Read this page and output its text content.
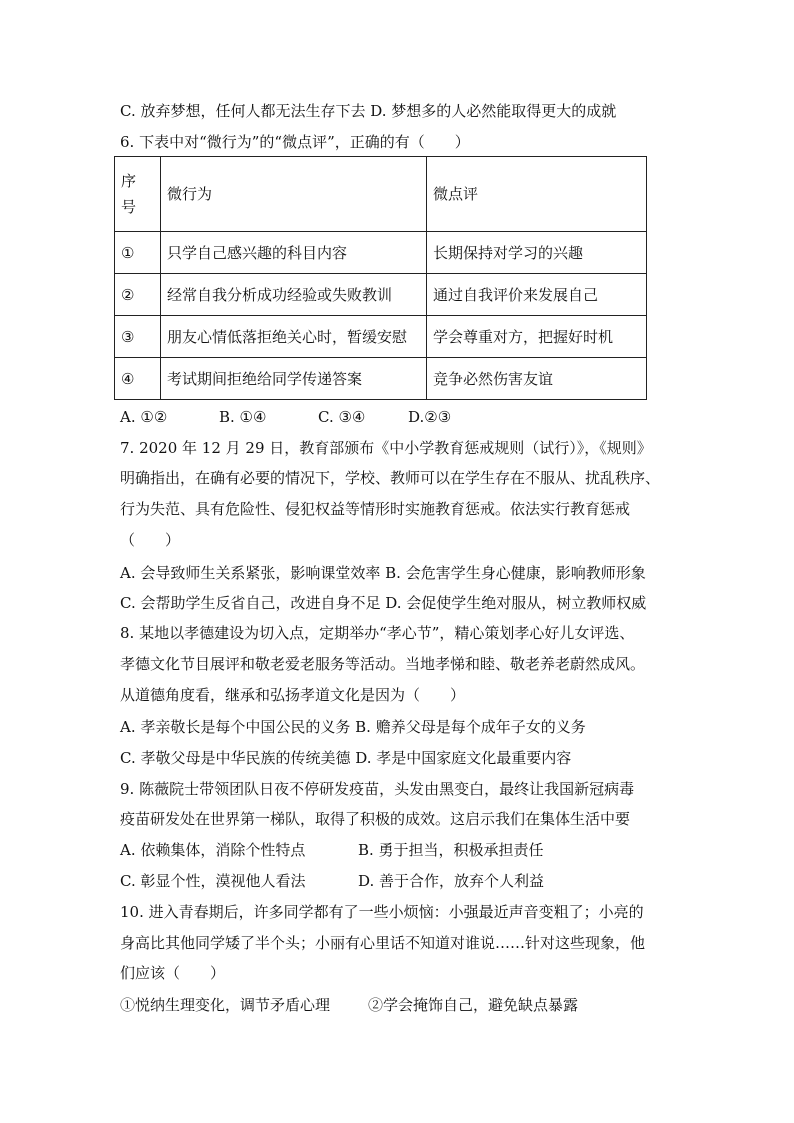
C. 放弃梦想，任何人都无法生存下去 D. 梦想多的人必然能取得更大的成就
6. 下表中对“微行为”的“微点评”，正确的有（　　）
序
号	微行为	微点评
①	只学自己感兴趣的科目内容	长期保持对学习的兴趣
②	经常自我分析成功经验或失败教训	通过自我评价来发展自己
③	朋友心情低落拒绝关心时，暂缓安慰	学会尊重对方，把握好时机
④	考试期间拒绝给同学传递答案	竞争必然伤害友谊
A. ①②	B. ①④	C. ③④	D.②③
7. 2020 年 12 月 29 日，教育部颁布《中小学教育惩戒规则（试行）》，《规则》
明确指出，在确有必要的情况下，学校、教师可以在学生存在不服从、扰乱秩序、
行为失范、具有危险性、侵犯权益等情形时实施教育惩戒。依法实行教育惩戒
（　　）
A. 会导致师生关系紧张，影响课堂效率 B. 会危害学生身心健康，影响教师形象
C. 会帮助学生反省自己，改进自身不足 D. 会促使学生绝对服从，树立教师权威
8. 某地以孝德建设为切入点，定期举办“孝心节”，精心策划孝心好儿女评选、
孝德文化节目展评和敬老爱老服务等活动。当地孝悌和睦、敬老养老蔚然成风。
从道德角度看，继承和弘扬孝道文化是因为（　　）
A. 孝亲敬长是每个中国公民的义务 B. 赡养父母是每个成年子女的义务
C. 孝敬父母是中华民族的传统美德 D. 孝是中国家庭文化最重要内容
9. 陈薇院士带领团队日夜不停研发疫苗，头发由黑变白，最终让我国新冠病毒
疫苗研发处在世界第一梯队，取得了积极的成效。这启示我们在集体生活中要
A. 依赖集体，消除个性特点	B. 勇于担当，积极承担责任
C. 彰显个性，漠视他人看法	D. 善于合作，放弃个人利益
10. 进入青春期后，许多同学都有了一些小烦恼：小强最近声音变粗了；小亮的
身高比其他同学矮了半个头；小丽有心里话不知道对谁说……针对这些现象，他
们应该（　　）
①悦纳生理变化，调节矛盾心理	②学会掩饰自己，避免缺点暴露
